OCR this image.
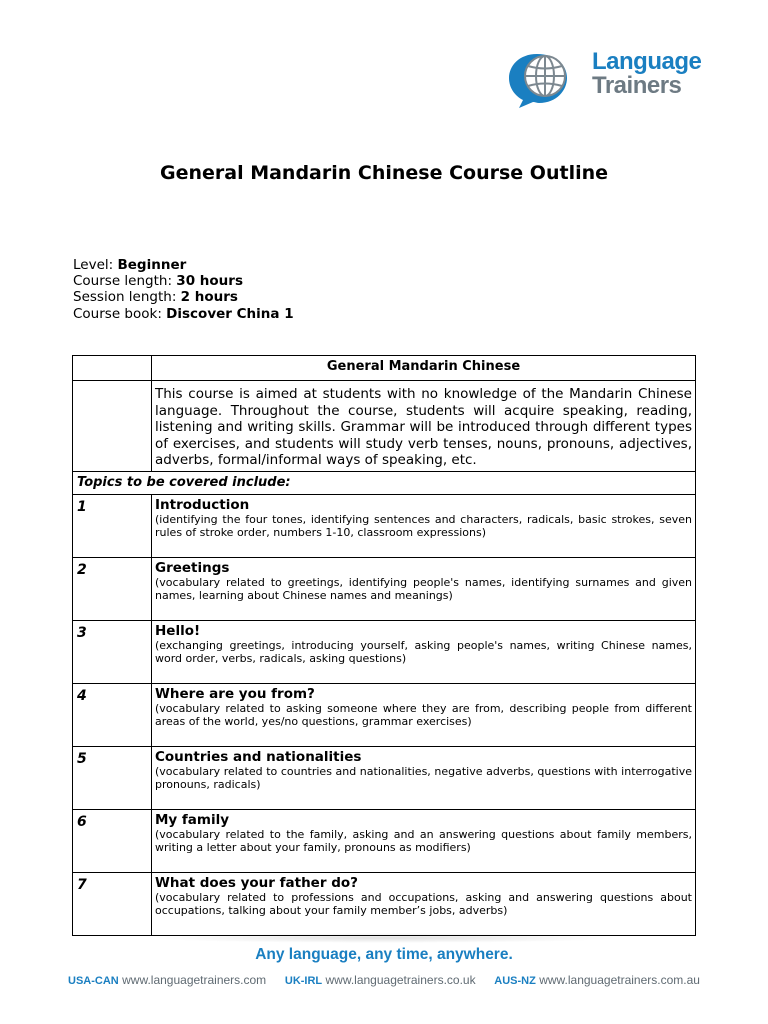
Language
Trainers
General Mandarin Chinese Course Outline
Level: Beginner
Course length: 30 hours
Session length: 2 hours
Course book: Discover China 1

	General Mandarin Chinese

	This course is aimed at students with no knowledge of the Mandarin Chinese language. Throughout the course, students will acquire speaking, reading, listening and writing skills. Grammar will be introduced through different types of exercises, and students will study verb tenses, nouns, pronouns, adjectives, adverbs, formal/informal ways of speaking, etc.

Topics to be covered include:	

1	Introduction
(identifying the four tones, identifying sentences and characters, radicals, basic strokes, seven rules of stroke order, numbers 1-10, classroom expressions)

2	Greetings
(vocabulary related to greetings, identifying people's names, identifying surnames and given names, learning about Chinese names and meanings)

3	Hello!
(exchanging greetings, introducing yourself, asking people's names, writing Chinese names, word order, verbs, radicals, asking questions)

4	Where are you from?
(vocabulary related to asking someone where they are from, describing people from different areas of the world, yes/no questions, grammar exercises)

5	Countries and nationalities
(vocabulary related to countries and nationalities, negative adverbs, questions with interrogative pronouns, radicals)

6	My family
(vocabulary related to the family, asking and an answering questions about family members, writing a letter about your family, pronouns as modifiers)

7	What does your father do?
(vocabulary related to professions and occupations, asking and answering questions about occupations, talking about your family member’s jobs, adverbs)
Any language, any time, anywhere.
USA-CAN www.languagetrainers.com UK-IRL www.languagetrainers.co.uk AUS-NZ www.languagetrainers.com.au
